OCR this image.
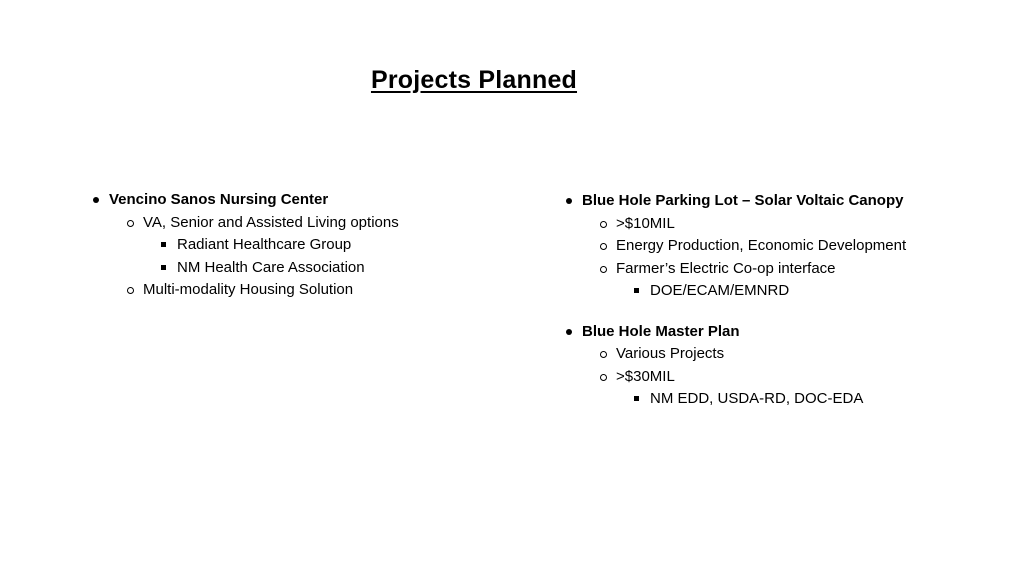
Projects Planned
Vencino Sanos Nursing Center
VA, Senior and Assisted Living options
Radiant Healthcare Group
NM Health Care Association
Multi-modality Housing Solution
Blue Hole Parking Lot – Solar Voltaic Canopy
>$10MIL
Energy Production, Economic Development
Farmer’s Electric Co-op interface
DOE/ECAM/EMNRD
Blue Hole Master Plan
Various Projects
>$30MIL
NM EDD, USDA-RD, DOC-EDA
